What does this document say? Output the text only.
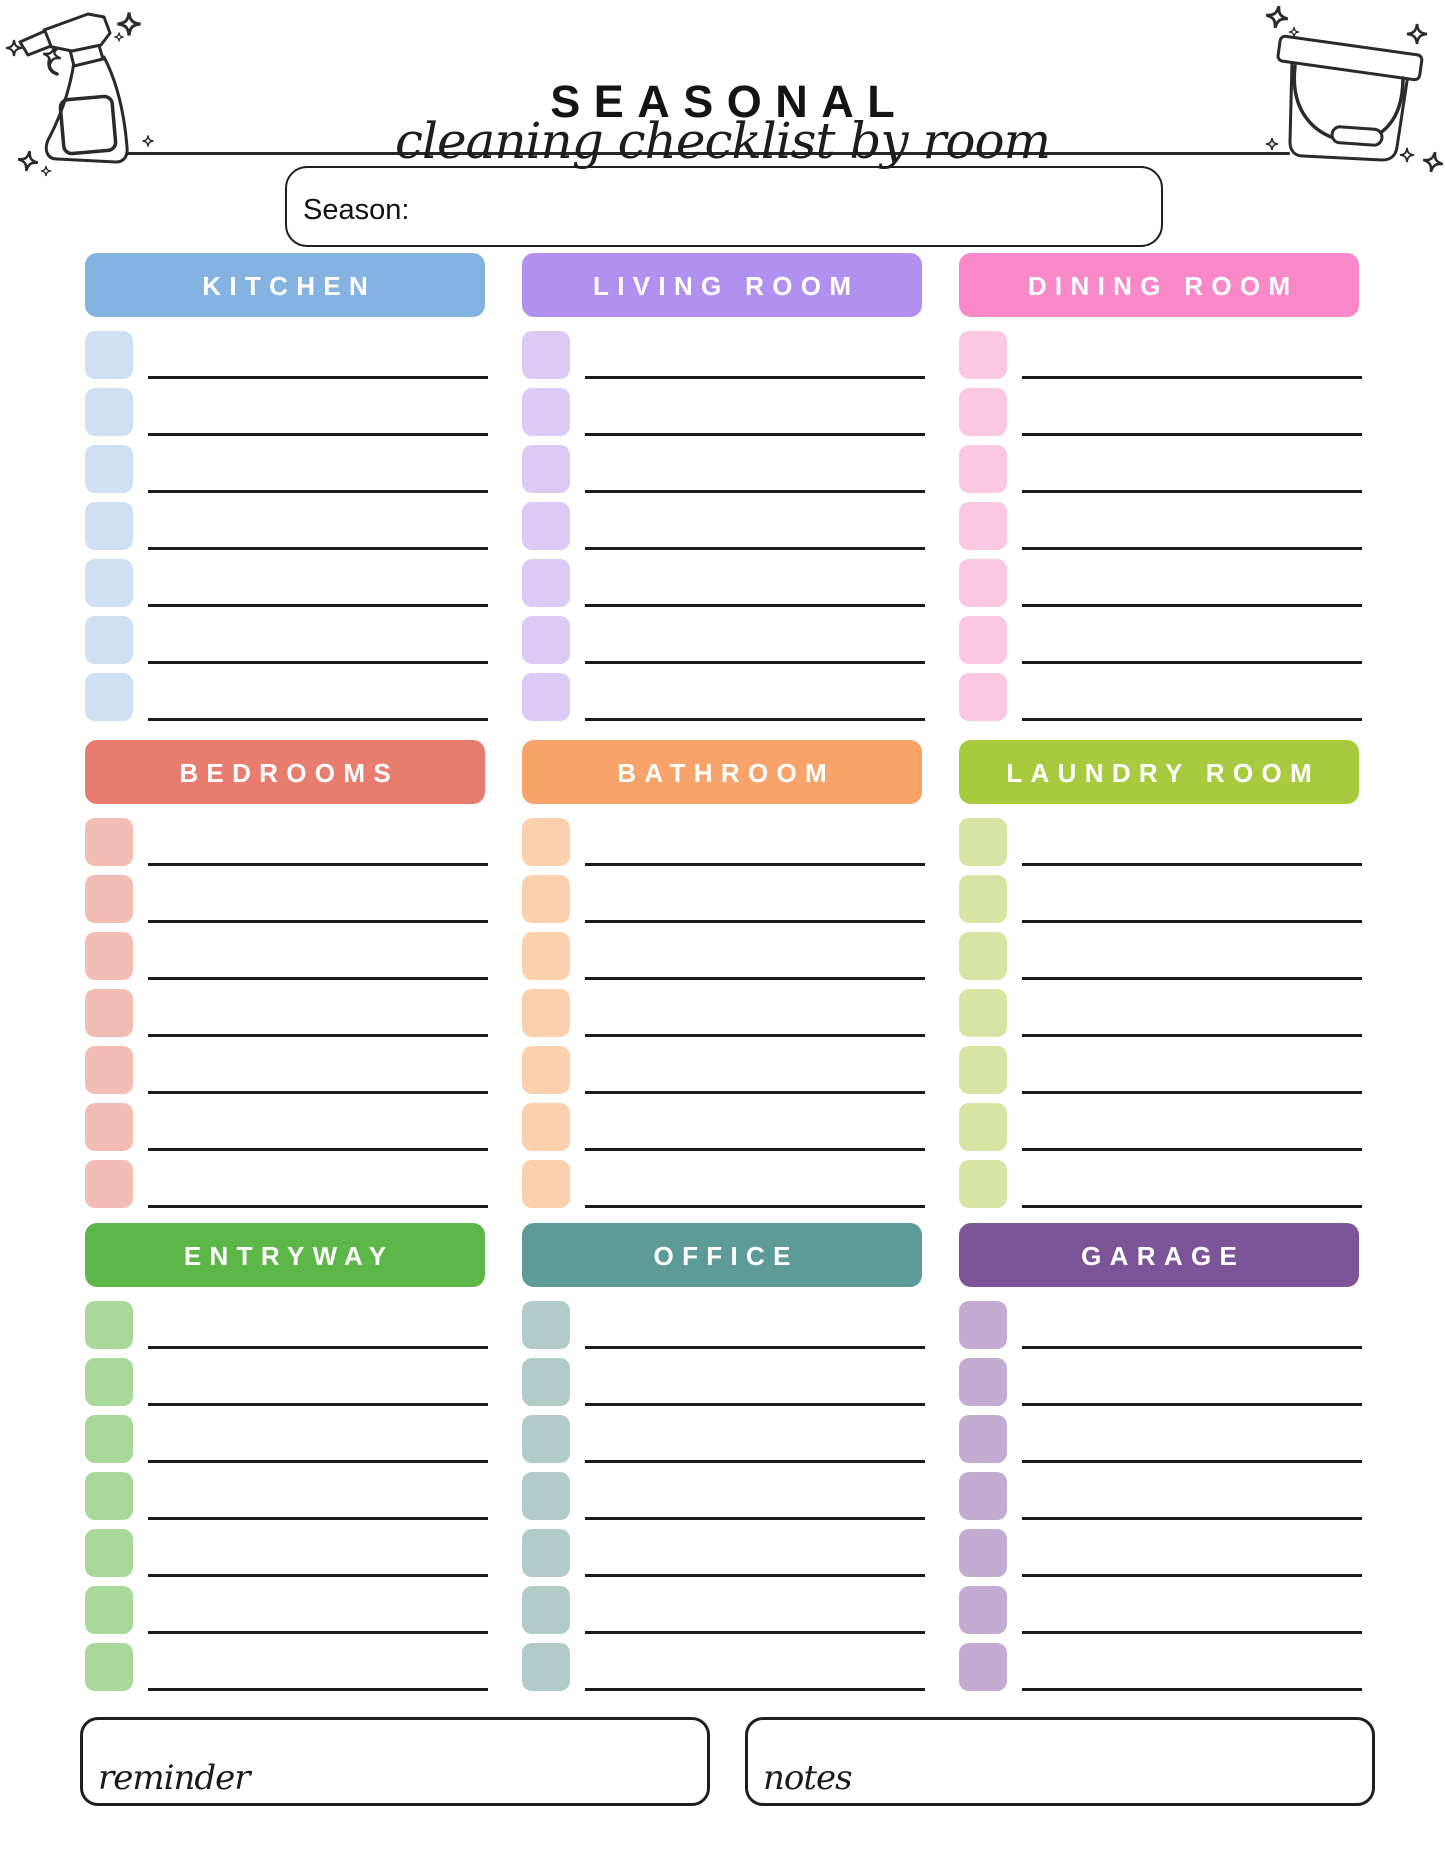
SEASONAL
cleaning checklist by room
Season:
KITCHEN	LIVING ROOM	DINING ROOM
BEDROOMS	BATHROOM	LAUNDRY ROOM
ENTRYWAY	OFFICE	GARAGE
reminder	notes
